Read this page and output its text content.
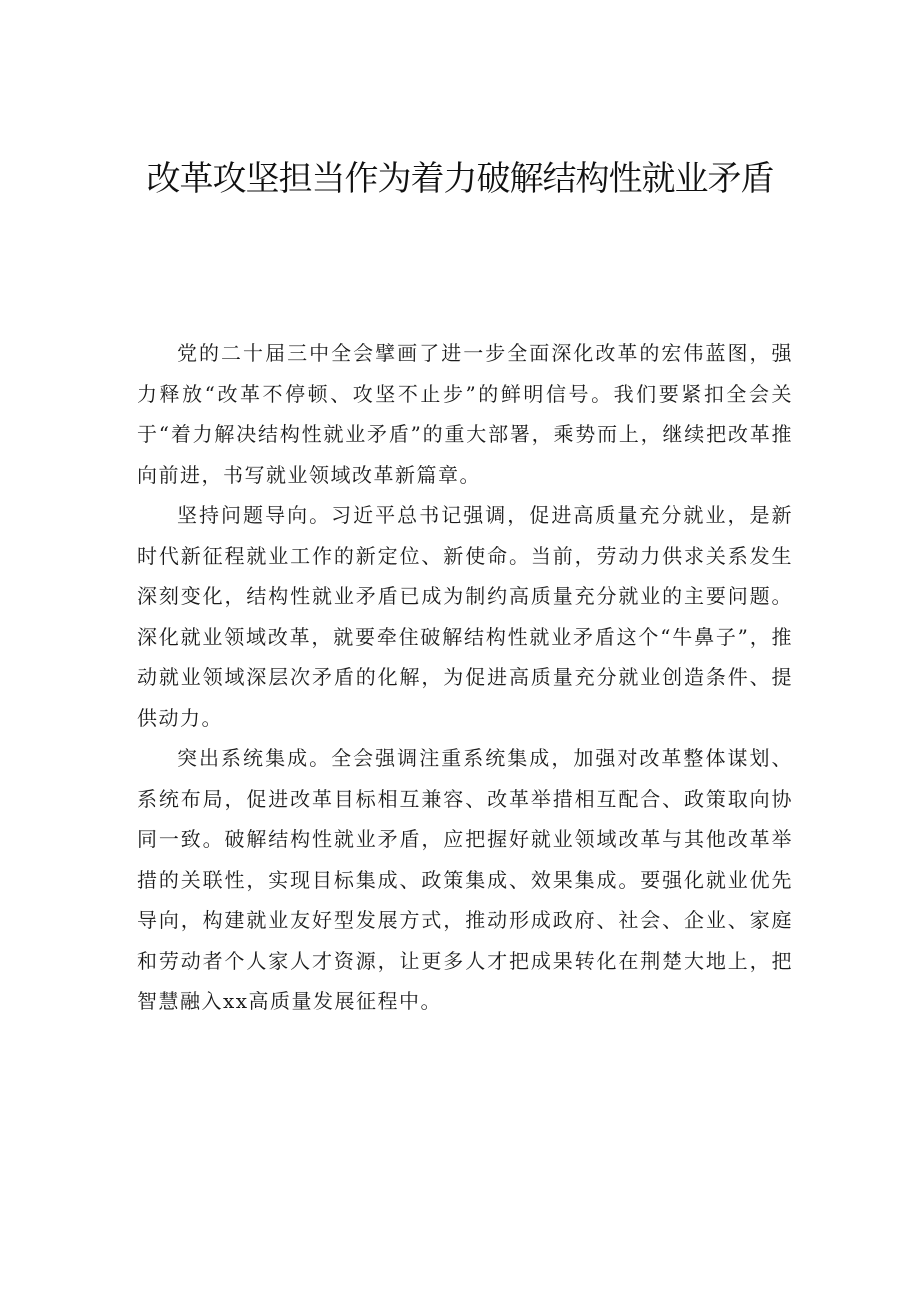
改革攻坚担当作为着力破解结构性就业矛盾

党的二十届三中全会擘画了进一步全面深化改革的宏伟蓝图，强力释放“改革不停顿、攻坚不止步”的鲜明信号。我们要紧扣全会关于“着力解决结构性就业矛盾”的重大部署，乘势而上，继续把改革推向前进，书写就业领域改革新篇章。

坚持问题导向。习近平总书记强调，促进高质量充分就业，是新时代新征程就业工作的新定位、新使命。当前，劳动力供求关系发生深刻变化，结构性就业矛盾已成为制约高质量充分就业的主要问题。深化就业领域改革，就要牵住破解结构性就业矛盾这个“牛鼻子”，推动就业领域深层次矛盾的化解，为促进高质量充分就业创造条件、提供动力。

突出系统集成。全会强调注重系统集成，加强对改革整体谋划、系统布局，促进改革目标相互兼容、改革举措相互配合、政策取向协同一致。破解结构性就业矛盾，应把握好就业领域改革与其他改革举措的关联性，实现目标集成、政策集成、效果集成。要强化就业优先导向，构建就业友好型发展方式，推动形成政府、社会、企业、家庭和劳动者个人家人才资源，让更多人才把成果转化在荆楚大地上，把智慧融入xx高质量发展征程中。
